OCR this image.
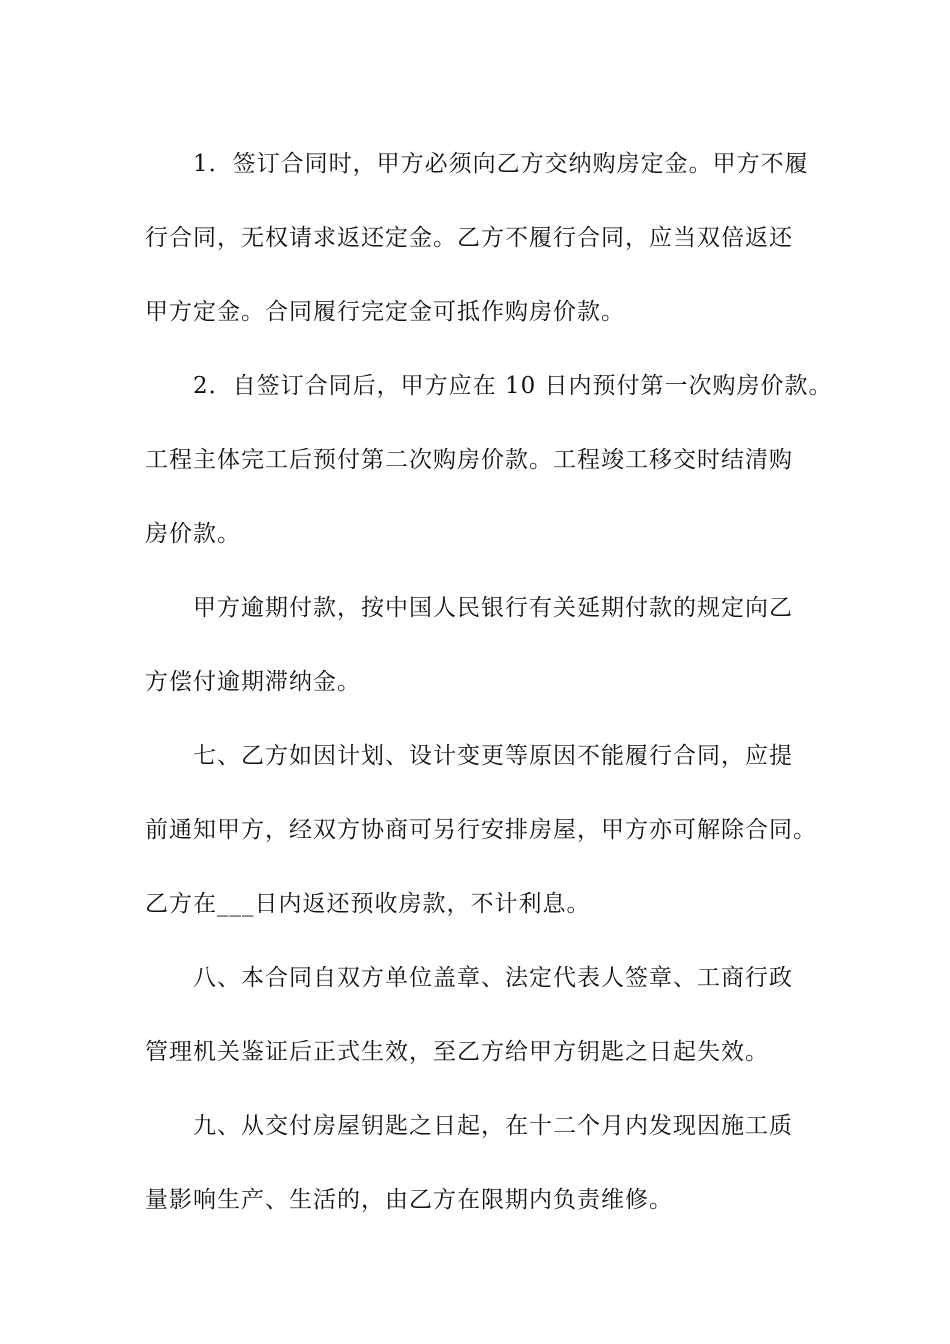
1．签订合同时，甲方必须向乙方交纳购房定金。甲方不履
行合同，无权请求返还定金。乙方不履行合同，应当双倍返还
甲方定金。合同履行完定金可抵作购房价款。
2．自签订合同后，甲方应在 10 日内预付第一次购房价款。
工程主体完工后预付第二次购房价款。工程竣工移交时结清购
房价款。
甲方逾期付款，按中国人民银行有关延期付款的规定向乙
方偿付逾期滞纳金。
七、乙方如因计划、设计变更等原因不能履行合同，应提
前通知甲方，经双方协商可另行安排房屋，甲方亦可解除合同。
乙方在___日内返还预收房款，不计利息。
八、本合同自双方单位盖章、法定代表人签章、工商行政
管理机关鉴证后正式生效，至乙方给甲方钥匙之日起失效。
九、从交付房屋钥匙之日起，在十二个月内发现因施工质
量影响生产、生活的，由乙方在限期内负责维修。
